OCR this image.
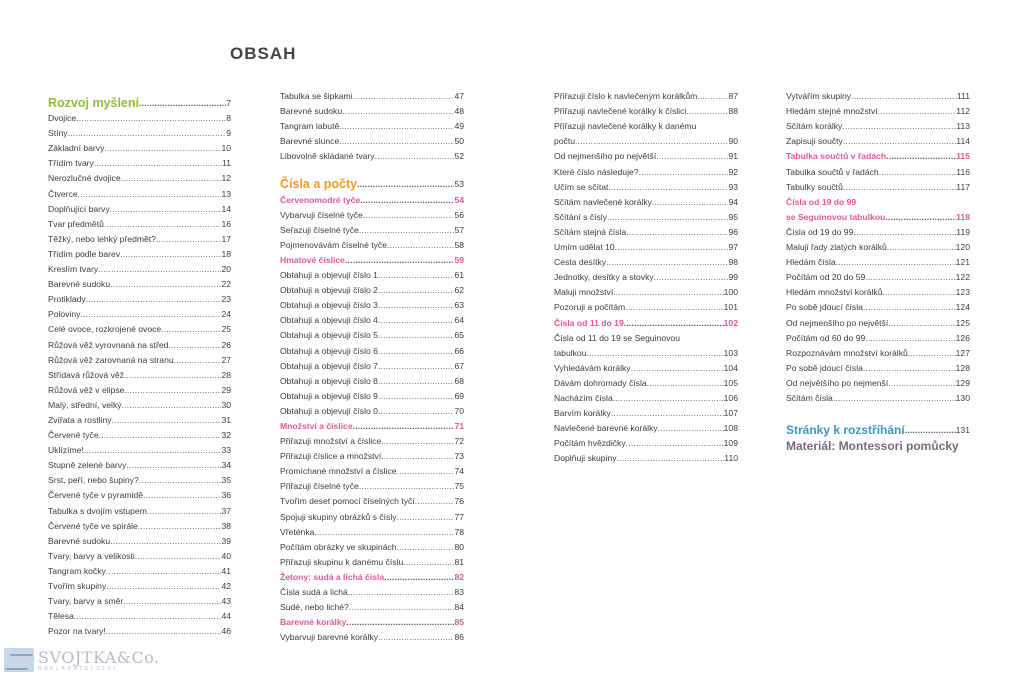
OBSAH
Rozvoj myšlení .....	7
Dvojice .....	8
Stíny .....	9
Základní barvy .....	10
Třídím tvary .....	11
Nerozlučné dvojice .....	12
Čtverce .....	13
Doplňující barvy .....	14
Tvar předmětů .....	16
Těžký, nebo lehký předmět? .....	17
Třídím podle barev .....	18
Kreslím tvary .....	20
Barevné sudoku .....	22
Protiklady .....	23
Poloviny .....	24
Celé ovoce, rozkrojené ovoce .....	25
Růžová věž vyrovnaná na střed .....	26
Růžová věž zarovnaná na stranu .....	27
Střídavá růžová věž .....	28
Růžová věž v elipse .....	29
Malý, střední, velký .....	30
Zvířata a rostliny .....	31
Červené tyče .....	32
Uklízíme! .....	33
Stupně zelené barvy .....	34
Srst, peří, nebo šupiny? .....	35
Červené tyče v pyramidě .....	36
Tabulka s dvojím vstupem .....	37
Červené tyče ve spirále .....	38
Barevné sudoku .....	39
Tvary, barvy a velikosti .....	40
Tangram kočky .....	41
Tvořím skupiny .....	42
Tvary, barvy a směr .....	43
Tělesa .....	44
Pozor na tvary! .....	46
Tabulka se šipkami .....	47
Barevné sudoku .....	48
Tangram labutě .....	49
Barevné slunce .....	50
Libovolně skládané tvary .....	52
Čísla a počty .....	53
Červenomodré tyče .....	54
Vybarvuji číselné tyče .....	56
Seřazuji číselné tyče .....	57
Pojmenovávám číselné tyče .....	58
Hmatové číslice .....	59
Obtahuji a objevuji číslo 1 .....	61
Obtahuji a objevuji číslo 2 .....	62
Obtahuji a objevuji číslo 3 .....	63
Obtahuji a objevuji číslo 4 .....	64
Obtahuji a objevuji číslo 5 .....	65
Obtahuji a objevuji číslo 6 .....	66
Obtahuji a objevuji číslo 7 .....	67
Obtahuji a objevuji číslo 8 .....	68
Obtahuji a objevuji číslo 9 .....	69
Obtahuji a objevuji číslo 0 .....	70
Množství a číslice .....	71
Přiřazuji množství a číslice .....	72
Přiřazuji číslice a množství .....	73
Promíchané množství a číslice .....	74
Přiřazuji číselné tyče .....	75
Tvořím deset pomocí číselných tyčí .....	76
Spojuji skupiny obrázků s čísly .....	77
Vřeténka .....	78
Počítám obrázky ve skupinách .....	80
Přiřazuji skupinu k danému číslu .....	81
Žetony: sudá a lichá čísla .....	82
Čísla sudá a lichá .....	83
Sudé, nebo liché? .....	84
Barevné korálky .....	85
Vybarvuji barevné korálky .....	86
Přiřazuji číslo k navlečeným korálkům .....	87
Přiřazuji navlečené korálky k číslici .....	88
Přiřazuji navlečené korálky k danému
počtu .....	90
Od nejmenšího po největší .....	91
Které číslo následuje? .....	92
Učím se sčítat .....	93
Sčítám navlečené korálky .....	94
Sčítání s čísly .....	95
Sčítám stejná čísla .....	96
Umím udělat 10 .....	97
Cesta desítky .....	98
Jednotky, desítky a stovky .....	99
Maluji množství .....	100
Pozoruji a počítám .....	101
Čísla od 11 do 19 .....	102
Čísla od 11 do 19 se Seguinovou
tabulkou .....	103
Vyhledávám korálky .....	104
Dávám dohromady čísla .....	105
Nacházím čísla .....	106
Barvím korálky .....	107
Navlečené barevné korálky .....	108
Počítám hvězdičky .....	109
Doplňuji skupiny .....	110
Vytvářím skupiny .....	111
Hledám stejné množství .....	112
Sčítám korálky .....	113
Zapisuji součty .....	114
Tabulka součtů v řadách .....	115
Tabulka součtů v řadách .....	116
Tabulky součtů .....	117
Čísla od 19 do 99
se Seguinovou tabulkou .....	118
Čísla od 19 do 99 .....	119
Maluji řady zlatých korálků .....	120
Hledám čísla .....	121
Počítám od 20 do 59 .....	122
Hledám množství korálků .....	123
Po sobě jdoucí čísla .....	124
Od nejmenšího po největší .....	125
Počítám od 60 do 99 .....	126
Rozpoznávám množství korálků .....	127
Po sobě jdoucí čísla .....	128
Od největšího po nejmenší .....	129
Sčítám čísla .....	130
Stránky k rozstříhání .....	131
Materiál: Montessori pomůcky
SVOJTKA&Co.
NAKLADATELSTVÍ
